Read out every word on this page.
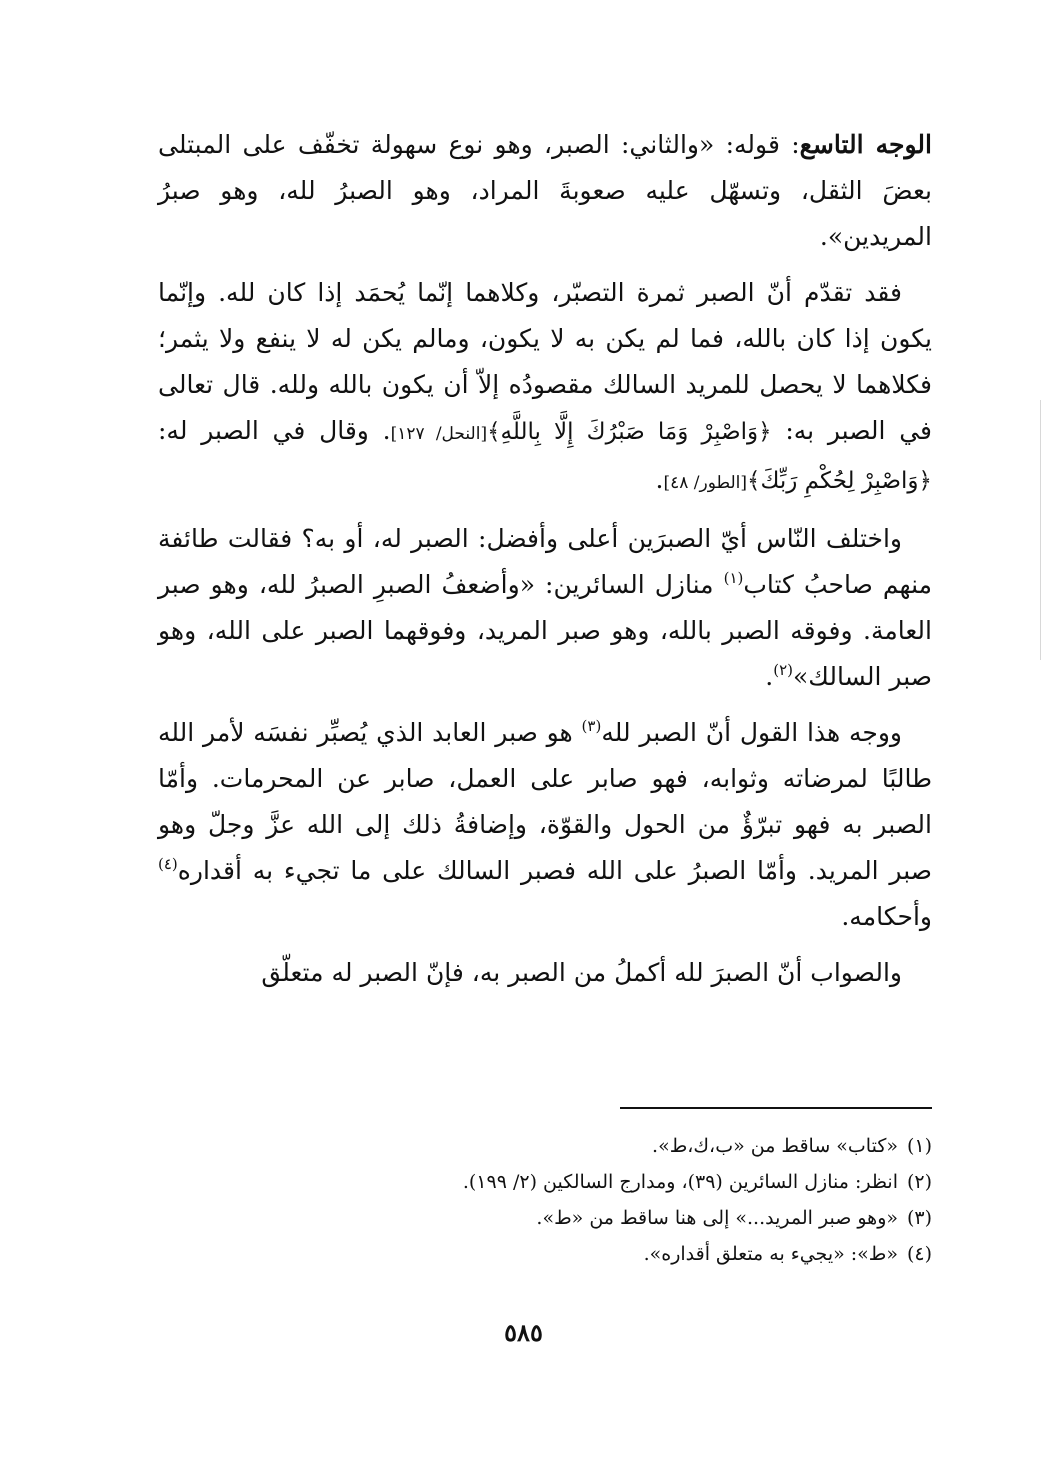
الوجه التاسع: قوله: «والثاني: الصبر، وهو نوع سهولة تخفّف على المبتلى بعضَ الثقل، وتسهّل عليه صعوبةَ المراد، وهو الصبرُ لله، وهو صبرُ المريدين».

فقد تقدّم أنّ الصبر ثمرة التصبّر، وكلاهما إنّما يُحمَد إذا كان لله. وإنّما يكون إذا كان بالله، فما لم يكن به لا يكون، ومالم يكن له لا ينفع ولا يثمر؛ فكلاهما لا يحصل للمريد السالك مقصودُه إلاّ أن يكون بالله ولله. قال تعالى في الصبر به: ﴿وَاصْبِرْ وَمَا صَبْرُكَ إِلَّا بِاللَّهِ﴾[النحل/ ١٢٧]. وقال في الصبر له: ﴿وَاصْبِرْ لِحُكْمِ رَبِّكَ﴾[الطور/ ٤٨].

واختلف النّاس أيّ الصبرَين أعلى وأفضل: الصبر له، أو به؟ فقالت طائفة منهم صاحبُ كتاب$^{(١)}$ منازل السائرين: «وأضعفُ الصبرِ الصبرُ لله، وهو صبر العامة. وفوقه الصبر بالله، وهو صبر المريد، وفوقهما الصبر على الله، وهو صبر السالك»$^{(٢)}$.

ووجه هذا القول أنّ الصبر لله$^{(٣)}$ هو صبر العابد الذي يُصبِّر نفسَه لأمر الله طالبًا لمرضاته وثوابه، فهو صابر على العمل، صابر عن المحرمات. وأمّا الصبر به فهو تبرّؤٌ من الحول والقوّة، وإضافةُ ذلك إلى الله عزَّ وجلّ وهو صبر المريد. وأمّا الصبرُ على الله فصبر السالك على ما تجيء به أقداره$^{(٤)}$ وأحكامه.

والصواب أنّ الصبرَ لله أكملُ من الصبر به، فإنّ الصبر له متعلّق

(١)«كتاب» ساقط من «ب،ك،ط».

(٢)انظر: منازل السائرين (٣٩)، ومدارج السالكين (٢/ ١٩٩).

(٣)«وهو صبر المريد...» إلى هنا ساقط من «ط».

(٤)«ط»: «يجيء به متعلق أقداره».

٥٨٥
